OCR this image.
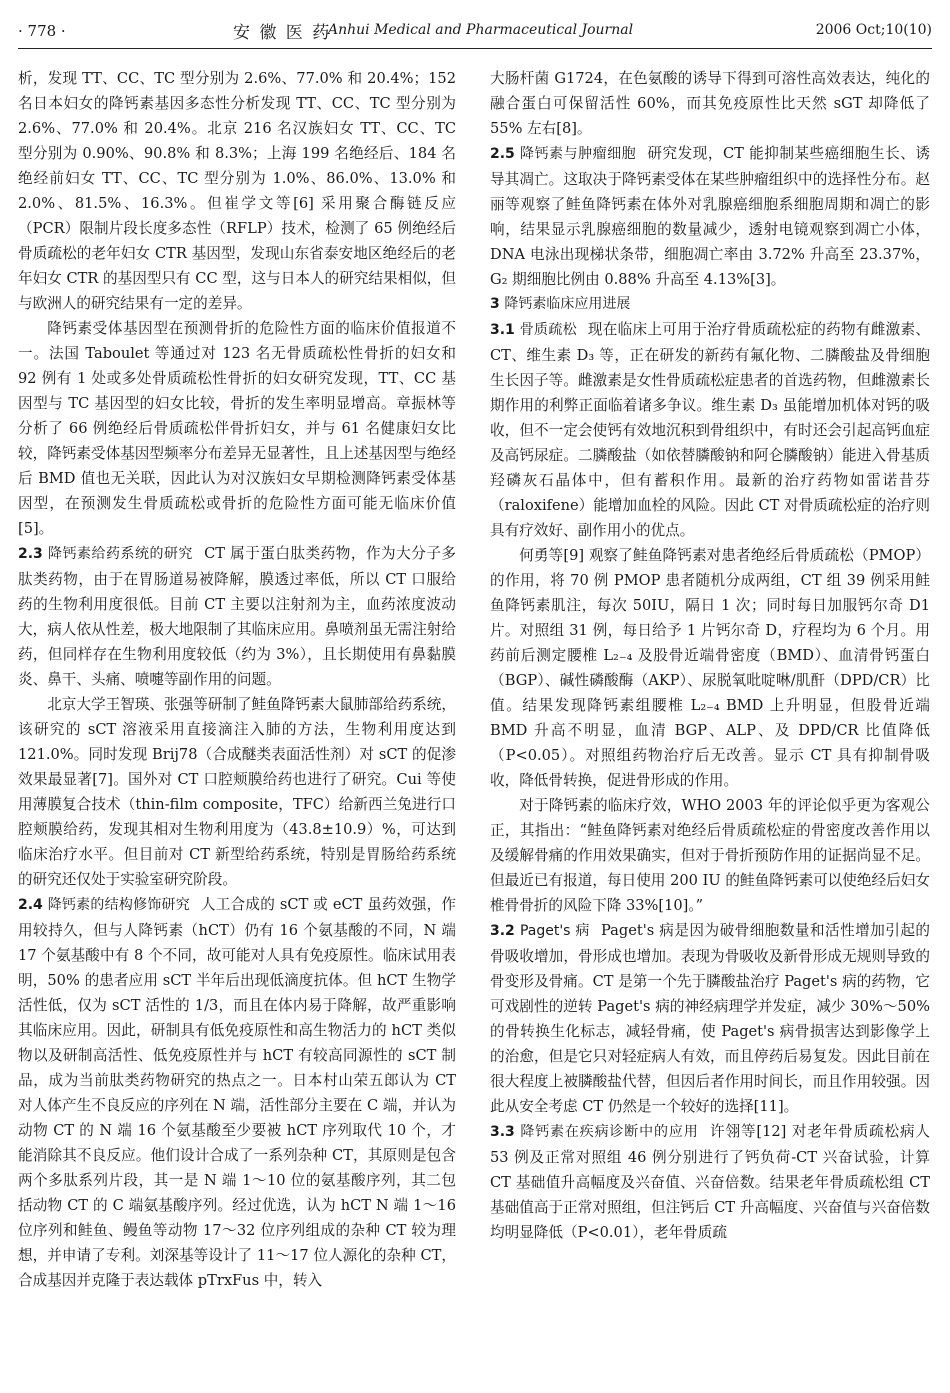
· 778 ·	安 徽 医 药
Anhui Medical and Pharmaceutical Journal	2006 Oct;10(10)

析，发现 TT、CC、TC 型分别为 2.6%、77.0% 和 20.4%；152 名日本妇女的降钙素基因多态性分析发现 TT、CC、TC 型分别为 2.6%、77.0% 和 20.4%。北京 216 名汉族妇女 TT、CC、TC 型分别为 0.90%、90.8% 和 8.3%；上海 199 名绝经后、184 名绝经前妇女 TT、CC、TC 型分别为 1.0%、86.0%、13.0% 和 2.0%、81.5%、16.3%。但崔学文等[6] 采用聚合酶链反应（PCR）限制片段长度多态性（RFLP）技术，检测了 65 例绝经后骨质疏松的老年妇女 CTR 基因型，发现山东省泰安地区绝经后的老年妇女 CTR 的基因型只有 CC 型，这与日本人的研究结果相似，但与欧洲人的研究结果有一定的差异。

降钙素受体基因型在预测骨折的危险性方面的临床价值报道不一。法国 Taboulet 等通过对 123 名无骨质疏松性骨折的妇女和 92 例有 1 处或多处骨质疏松性骨折的妇女研究发现，TT、CC 基因型与 TC 基因型的妇女比较，骨折的发生率明显增高。章振林等分析了 66 例绝经后骨质疏松伴骨折妇女，并与 61 名健康妇女比较，降钙素受体基因型频率分布差异无显著性，且上述基因型与绝经后 BMD 值也无关联，因此认为对汉族妇女早期检测降钙素受体基因型，在预测发生骨质疏松或骨折的危险性方面可能无临床价值[5]。

2.3 降钙素给药系统的研究 CT 属于蛋白肽类药物，作为大分子多肽类药物，由于在胃肠道易被降解，膜透过率低，所以 CT 口服给药的生物利用度很低。目前 CT 主要以注射剂为主，血药浓度波动大，病人依从性差，极大地限制了其临床应用。鼻喷剂虽无需注射给药，但同样存在生物利用度较低（约为 3%），且长期使用有鼻黏膜炎、鼻干、头痛、喷嚏等副作用的问题。

北京大学王智瑛、张强等研制了鲑鱼降钙素大鼠肺部给药系统，该研究的 sCT 溶液采用直接滴注入肺的方法，生物利用度达到 121.0%。同时发现 Brij78（合成醚类表面活性剂）对 sCT 的促渗效果最显著[7]。国外对 CT 口腔颊膜给药也进行了研究。Cui 等使用薄膜复合技术（thin-film composite，TFC）给新西兰兔进行口腔颊膜给药，发现其相对生物利用度为（43.8±10.9）%，可达到临床治疗水平。但目前对 CT 新型给药系统，特别是胃肠给药系统的研究还仅处于实验室研究阶段。

2.4 降钙素的结构修饰研究 人工合成的 sCT 或 eCT 虽药效强，作用较持久，但与人降钙素（hCT）仍有 16 个氨基酸的不同，N 端 17 个氨基酸中有 8 个不同，故可能对人具有免疫原性。临床试用表明，50% 的患者应用 sCT 半年后出现低滴度抗体。但 hCT 生物学活性低，仅为 sCT 活性的 1/3，而且在体内易于降解，故严重影响其临床应用。因此，研制具有低免疫原性和高生物活力的 hCT 类似物以及研制高活性、低免疫原性并与 hCT 有较高同源性的 sCT 制品，成为当前肽类药物研究的热点之一。日本村山荣五郎认为 CT 对人体产生不良反应的序列在 N 端，活性部分主要在 C 端，并认为动物 CT 的 N 端 16 个氨基酸至少要被 hCT 序列取代 10 个，才能消除其不良反应。他们设计合成了一系列杂种 CT，其原则是包含两个多肽系列片段，其一是 N 端 1～10 位的氨基酸序列，其二包括动物 CT 的 C 端氨基酸序列。经过优选，认为 hCT N 端 1～16 位序列和鲑鱼、鳗鱼等动物 17～32 位序列组成的杂种 CT 较为理想，并申请了专利。刘深基等设计了 11～17 位人源化的杂种 CT，合成基因并克隆于表达载体 pTrxFus 中，转入

大肠杆菌 G1724，在色氨酸的诱导下得到可溶性高效表达，纯化的融合蛋白可保留活性 60%，而其免疫原性比天然 sGT 却降低了 55% 左右[8]。

2.5 降钙素与肿瘤细胞 研究发现，CT 能抑制某些癌细胞生长、诱导其凋亡。这取决于降钙素受体在某些肿瘤组织中的选择性分布。赵丽等观察了鲑鱼降钙素在体外对乳腺癌细胞系细胞周期和凋亡的影响，结果显示乳腺癌细胞的数量减少，透射电镜观察到凋亡小体，DNA 电泳出现梯状条带，细胞凋亡率由 3.72% 升高至 23.37%，G₂ 期细胞比例由 0.88% 升高至 4.13%[3]。

3 降钙素临床应用进展

3.1 骨质疏松 现在临床上可用于治疗骨质疏松症的药物有雌激素、CT、维生素 D₃ 等，正在研发的新药有氟化物、二膦酸盐及骨细胞生长因子等。雌激素是女性骨质疏松症患者的首选药物，但雌激素长期作用的利弊正面临着诸多争议。维生素 D₃ 虽能增加机体对钙的吸收，但不一定会使钙有效地沉积到骨组织中，有时还会引起高钙血症及高钙尿症。二膦酸盐（如依替膦酸钠和阿仑膦酸钠）能进入骨基质羟磷灰石晶体中，但有蓄积作用。最新的治疗药物如雷诺昔芬（raloxifene）能增加血栓的风险。因此 CT 对骨质疏松症的治疗则具有疗效好、副作用小的优点。

何勇等[9] 观察了鲑鱼降钙素对患者绝经后骨质疏松（PMOP）的作用，将 70 例 PMOP 患者随机分成两组，CT 组 39 例采用鲑鱼降钙素肌注，每次 50IU，隔日 1 次；同时每日加服钙尔奇 D1 片。对照组 31 例，每日给予 1 片钙尔奇 D，疗程均为 6 个月。用药前后测定腰椎 L₂₋₄ 及股骨近端骨密度（BMD）、血清骨钙蛋白（BGP）、碱性磷酸酶（AKP）、尿脱氧吡啶啉/肌酐（DPD/CR）比值。结果发现降钙素组腰椎 L₂₋₄ BMD 上升明显，但股骨近端 BMD 升高不明显，血清 BGP、ALP、及 DPD/CR 比值降低（P<0.05）。对照组药物治疗后无改善。显示 CT 具有抑制骨吸收，降低骨转换，促进骨形成的作用。

对于降钙素的临床疗效，WHO 2003 年的评论似乎更为客观公正，其指出：“鲑鱼降钙素对绝经后骨质疏松症的骨密度改善作用以及缓解骨痛的作用效果确实，但对于骨折预防作用的证据尚显不足。但最近已有报道，每日使用 200 IU 的鲑鱼降钙素可以使绝经后妇女椎骨骨折的风险下降 33%[10]。”

3.2 Paget's 病 Paget's 病是因为破骨细胞数量和活性增加引起的骨吸收增加，骨形成也增加。表现为骨吸收及新骨形成无规则导致的骨变形及骨痛。CT 是第一个先于膦酸盐治疗 Paget's 病的药物，它可戏剧性的逆转 Paget's 病的神经病理学并发症，减少 30%～50% 的骨转换生化标志，减轻骨痛，使 Paget's 病骨损害达到影像学上的治愈，但是它只对轻症病人有效，而且停药后易复发。因此目前在很大程度上被膦酸盐代替，但因后者作用时间长，而且作用较强。因此从安全考虑 CT 仍然是一个较好的选择[11]。

3.3 降钙素在疾病诊断中的应用 许翎等[12] 对老年骨质疏松病人 53 例及正常对照组 46 例分别进行了钙负荷-CT 兴奋试验，计算 CT 基础值升高幅度及兴奋值、兴奋倍数。结果老年骨质疏松组 CT 基础值高于正常对照组，但注钙后 CT 升高幅度、兴奋值与兴奋倍数均明显降低（P<0.01），老年骨质疏
